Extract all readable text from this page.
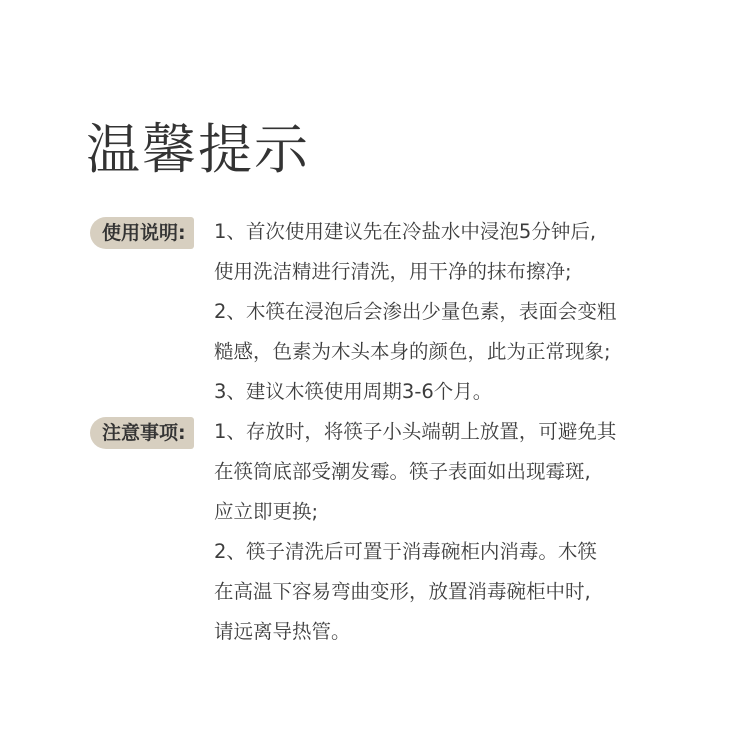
温馨提示
使用说明:	1、首次使用建议先在冷盐水中浸泡5分钟后,
使用洗洁精进行清洗，用干净的抹布擦净;
2、木筷在浸泡后会渗出少量色素，表面会变粗
糙感，色素为木头本身的颜色，此为正常现象;
3、建议木筷使用周期3-6个月。
注意事项:	1、存放时，将筷子小头端朝上放置，可避免其
在筷筒底部受潮发霉。筷子表面如出现霉斑,
应立即更换;
2、筷子清洗后可置于消毒碗柜内消毒。木筷
在高温下容易弯曲变形，放置消毒碗柜中时,
请远离导热管。
